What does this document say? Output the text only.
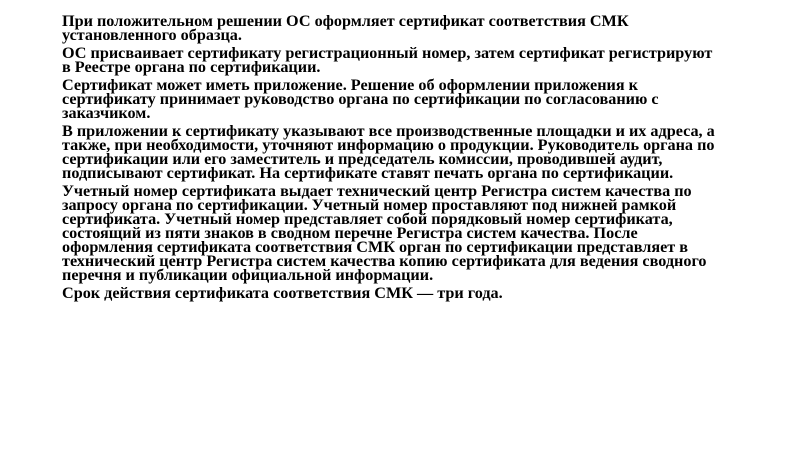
При положительном решении ОС оформляет сертификат соответствия СМК установленного образца.

ОС присваивает сертификату регистрационный номер, затем сертификат регистрируют в Реестре органа по сертификации.

Сертификат может иметь приложение. Решение об оформлении приложения к сертификату принимает руководство органа по сертификации по согласованию с заказчиком.

В приложении к сертификату указывают все производственные площадки и их адреса, а также, при необходимости, уточняют информацию о продукции. Руководитель органа по сертификации или его заместитель и председатель комиссии, проводившей аудит, подписывают сертификат. На сертификате ставят печать органа по сертификации.

Учетный номер сертификата выдает технический центр Регистра систем качества по запросу органа по сертификации. Учетный номер проставляют под нижней рамкой сертификата. Учетный номер представляет собой порядковый номер сертификата, состоящий из пяти знаков в сводном перечне Регистра систем качества. После оформления сертификата соответствия СМК орган по сертификации представляет в технический центр Регистра систем качества копию сертификата для ведения сводного перечня и публикации официальной информации.

Срок действия сертификата соответствия СМК — три года.
